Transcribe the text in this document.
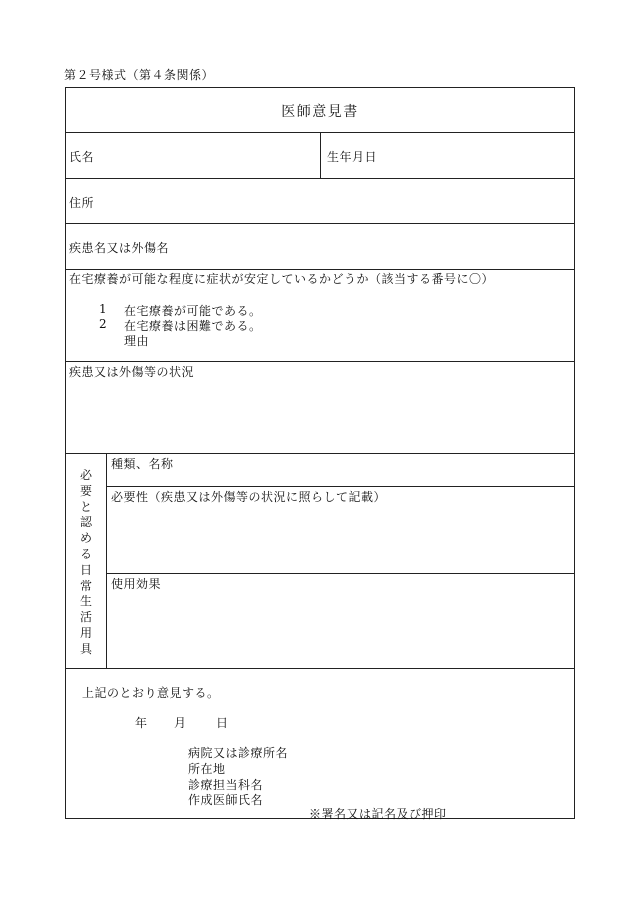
第２号様式（第４条関係）
医師意見書
氏名	生年月日
住所
疾患名又は外傷名
在宅療養が可能な程度に症状が安定しているかどうか（該当する番号に〇）
1 在宅療養が可能である。
2 在宅療養は困難である。
理由
疾患又は外傷等の状況
必
要
と
認
め
る
日
常
生
活
用
具
種類、名称
必要性（疾患又は外傷等の状況に照らして記載）
使用効果
上記のとおり意見する。
年 月 日
病院又は診療所名
所在地
診療担当科名
作成医師氏名
※署名又は記名及び押印
